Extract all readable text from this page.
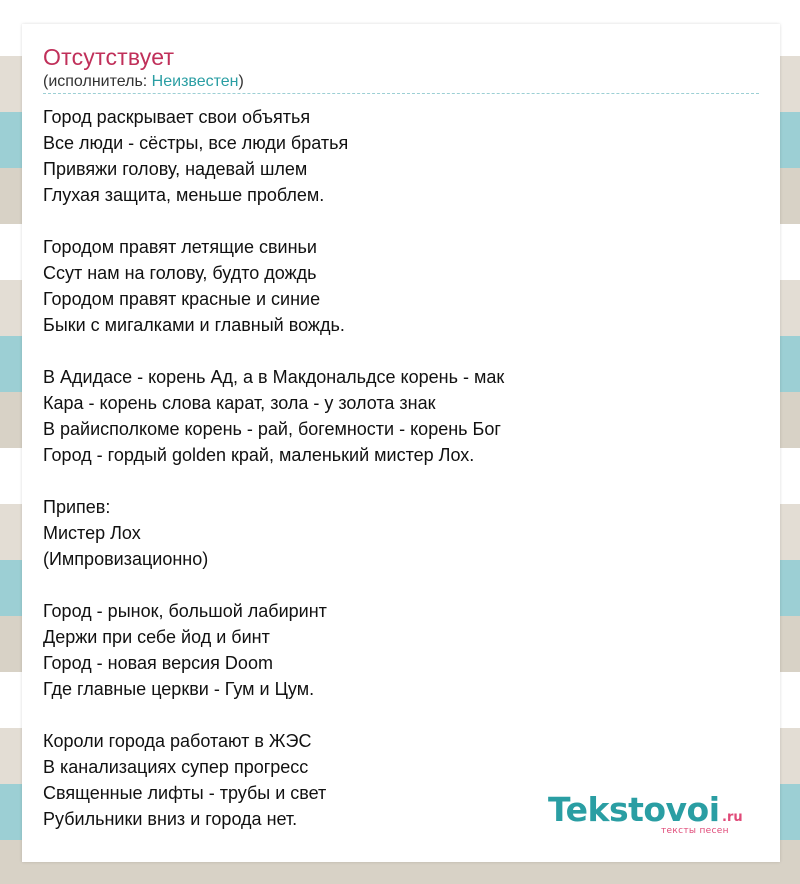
Отсутствует
(исполнитель: Неизвестен)
Город раскрывает свои объятья
Все люди - сёстры, все люди братья
Привяжи голову, надевай шлем
Глухая защита, меньше проблем.
Городом правят летящие свиньи
Ссут нам на голову, будто дождь
Городом правят красные и синие
Быки с мигалками и главный вождь.
В Адидасе - корень Ад, а в Макдональдсе корень - мак
Кара - корень слова карат, зола - у золота знак
В райисполкоме корень - рай, богемности - корень Бог
Город - гордый golden край, маленький мистер Лох.
Припев:
Мистер Лох
(Импровизационно)
Город - рынок, большой лабиринт
Держи при себе йод и бинт
Город - новая версия Doom
Где главные церкви - Гум и Цум.
Короли города работают в ЖЭС
В канализациях супер прогресс
Священные лифты - трубы и свет
Рубильники вниз и города нет.	Tekstovoi .ru
тексты песен
